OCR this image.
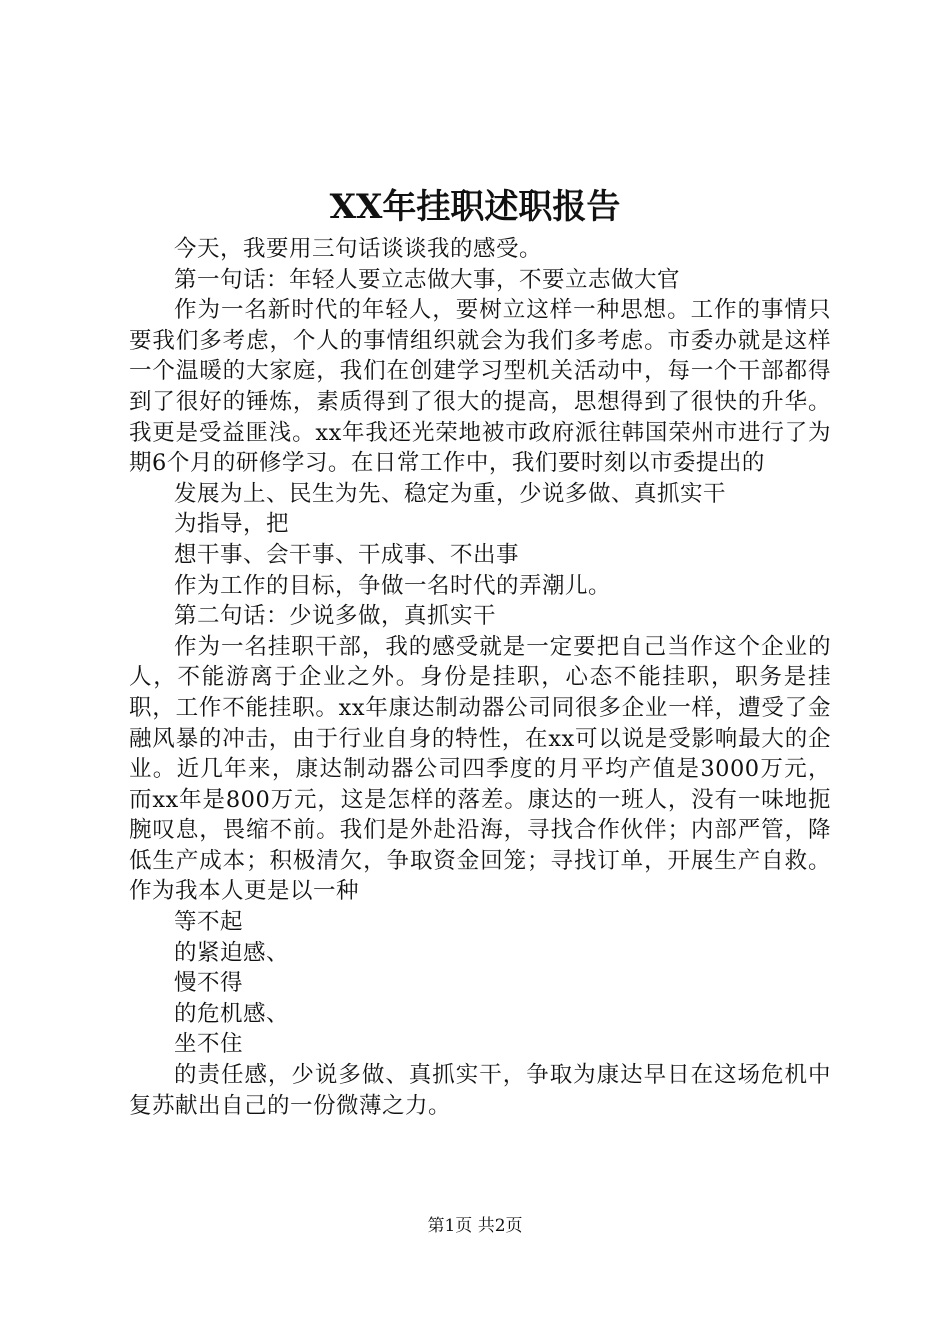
XX年挂职述职报告

今天，我要用三句话谈谈我的感受。

第一句话：年轻人要立志做大事，不要立志做大官

作为一名新时代的年轻人，要树立这样一种思想。工作的事情只要我们多考虑，个人的事情组织就会为我们多考虑。市委办就是这样一个温暖的大家庭，我们在创建学习型机关活动中，每一个干部都得到了很好的锤炼，素质得到了很大的提高，思想得到了很快的升华。我更是受益匪浅。xx年我还光荣地被市政府派往韩国荣州市进行了为期6个月的研修学习。在日常工作中，我们要时刻以市委提出的

发展为上、民生为先、稳定为重，少说多做、真抓实干

为指导，把

想干事、会干事、干成事、不出事

作为工作的目标，争做一名时代的弄潮儿。

第二句话：少说多做，真抓实干

作为一名挂职干部，我的感受就是一定要把自己当作这个企业的人，不能游离于企业之外。身份是挂职，心态不能挂职，职务是挂职，工作不能挂职。xx年康达制动器公司同很多企业一样，遭受了金融风暴的冲击，由于行业自身的特性，在xx可以说是受影响最大的企业。近几年来，康达制动器公司四季度的月平均产值是3000万元，而xx年是800万元，这是怎样的落差。康达的一班人，没有一味地扼腕叹息，畏缩不前。我们是外赴沿海，寻找合作伙伴；内部严管，降低生产成本；积极清欠，争取资金回笼；寻找订单，开展生产自救。作为我本人更是以一种

等不起

的紧迫感、

慢不得

的危机感、

坐不住

的责任感，少说多做、真抓实干，争取为康达早日在这场危机中复苏献出自己的一份微薄之力。

第1页 共2页
